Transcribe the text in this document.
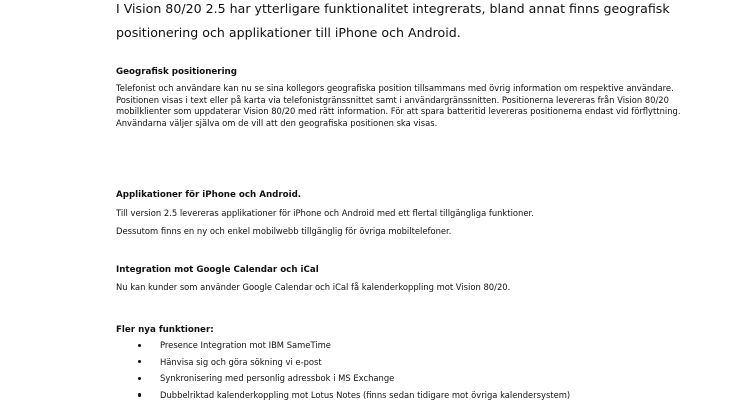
I Vision 80/20 2.5 har ytterligare funktionalitet integrerats, bland annat finns geografisk positionering och applikationer till iPhone och Android.

Geografisk positionering

Telefonist och användare kan nu se sina kollegors geografiska position tillsammans med övrig information om respektive användare. Positionen visas i text eller på karta via telefonistgränssnittet samt i användargränssnitten. Positionerna levereras från Vision 80/20 mobilklienter som uppdaterar Vision 80/20 med rätt information. För att spara batteritid levereras positionerna endast vid förflyttning.

Användarna väljer själva om de vill att den geografiska positionen ska visas.

Applikationer för iPhone och Android.

Till version 2.5 levereras applikationer för iPhone och Android med ett flertal tillgängliga funktioner.

Dessutom finns en ny och enkel mobilwebb tillgänglig för övriga mobiltelefoner.

Integration mot Google Calendar och iCal

Nu kan kunder som använder Google Calendar och iCal få kalenderkoppling mot Vision 80/20.

Fler nya funktioner:

Presence Integration mot IBM SameTime
Hänvisa sig och göra sökning vi e-post
Synkronisering med personlig adressbok i MS Exchange
Dubbelriktad kalenderkoppling mot Lotus Notes (finns sedan tidigare mot övriga kalendersystem)
